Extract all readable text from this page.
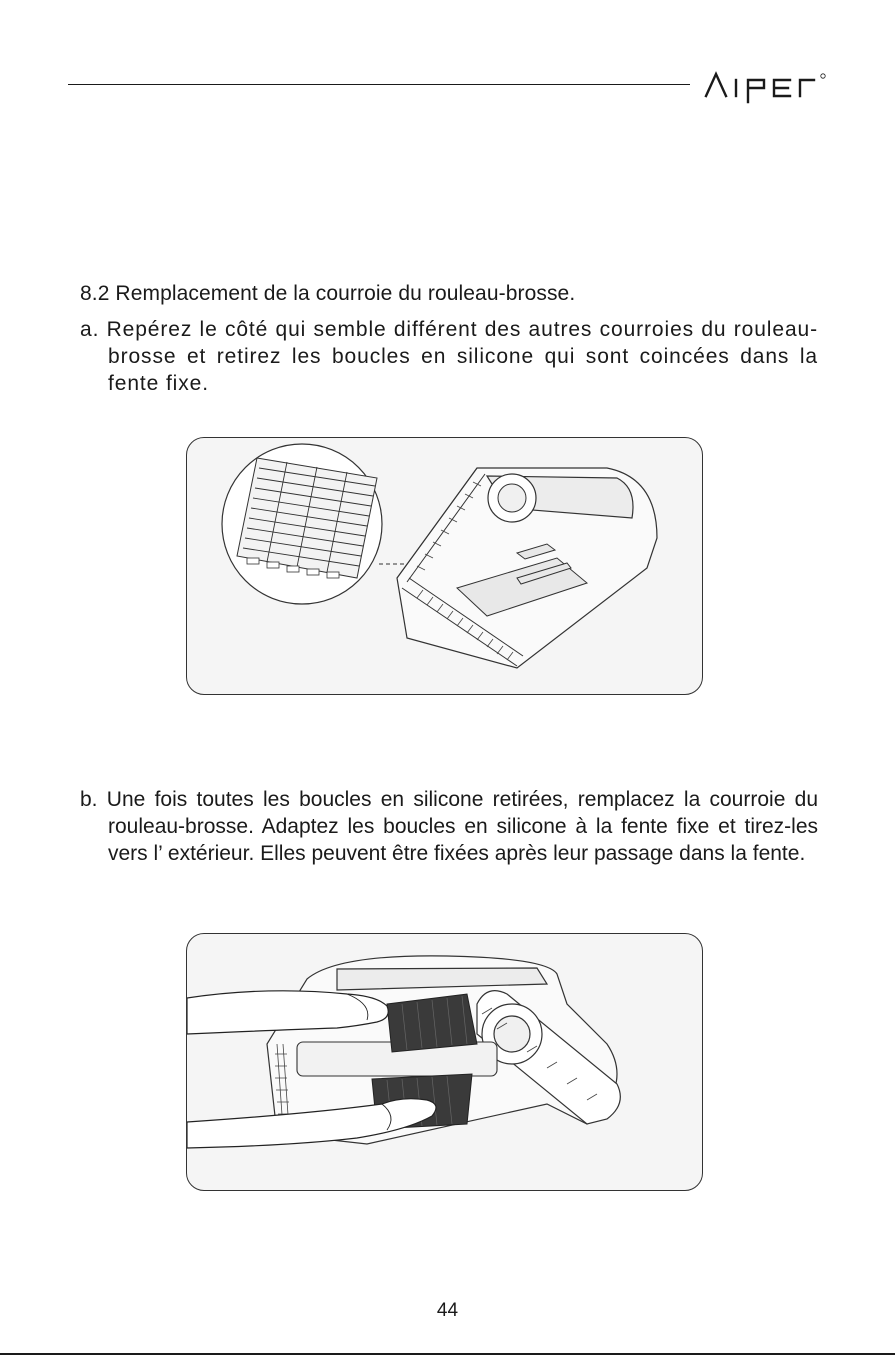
8.2 Remplacement de la courroie du rouleau-brosse.

a. Repérez le côté qui semble différent des autres courroies du rouleau-brosse et retirez les boucles en silicone qui sont coincées dans la fente fixe.

b. Une fois toutes les boucles en silicone retirées, remplacez la courroie du rouleau-brosse. Adaptez les boucles en silicone à la fente fixe et tirez-les vers l’ extérieur. Elles peuvent être fixées après leur passage dans la fente.

44
